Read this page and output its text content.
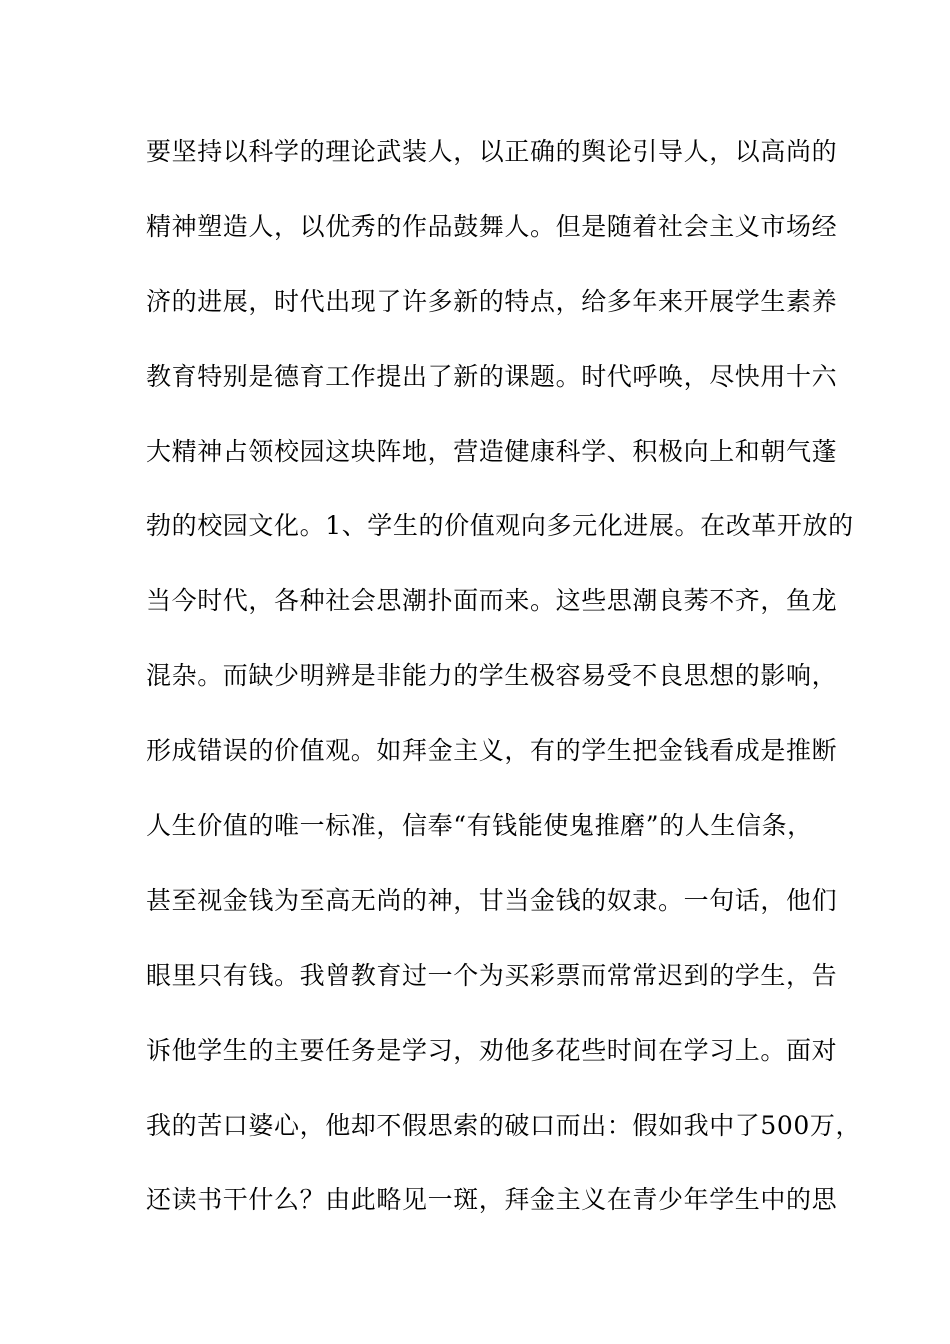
要坚持以科学的理论武装人，以正确的舆论引导人，以高尚的
精神塑造人，以优秀的作品鼓舞人。但是随着社会主义市场经
济的进展，时代出现了许多新的特点，给多年来开展学生素养
教育特别是德育工作提出了新的课题。时代呼唤，尽快用十六
大精神占领校园这块阵地，营造健康科学、积极向上和朝气蓬
勃的校园文化。1、学生的价值观向多元化进展。在改革开放的
当今时代，各种社会思潮扑面而来。这些思潮良莠不齐，鱼龙
混杂。而缺少明辨是非能力的学生极容易受不良思想的影响，
形成错误的价值观。如拜金主义，有的学生把金钱看成是推断
人生价值的唯一标准，信奉“有钱能使鬼推磨”的人生信条，
甚至视金钱为至高无尚的神，甘当金钱的奴隶。一句话，他们
眼里只有钱。我曾教育过一个为买彩票而常常迟到的学生，告
诉他学生的主要任务是学习，劝他多花些时间在学习上。面对
我的苦口婆心，他却不假思索的破口而出：假如我中了500万，
还读书干什么？由此略见一斑，拜金主义在青少年学生中的思
